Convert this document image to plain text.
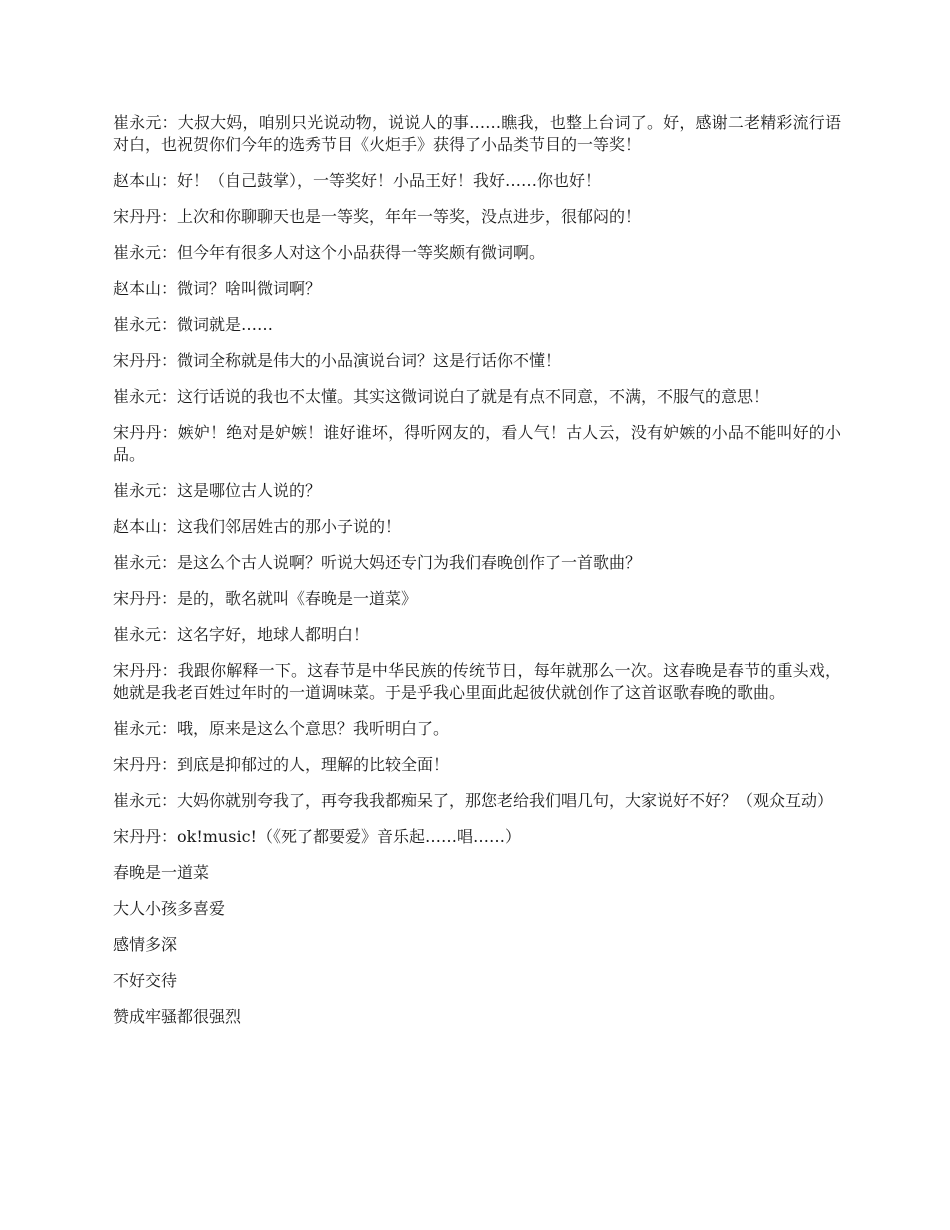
崔永元：大叔大妈，咱别只光说动物，说说人的事……瞧我，也整上台词了。好，感谢二老精彩流行语对白，也祝贺你们今年的选秀节目《火炬手》获得了小品类节目的一等奖！

赵本山：好！（自己鼓掌），一等奖好！小品王好！我好……你也好！

宋丹丹：上次和你聊聊天也是一等奖，年年一等奖，没点进步，很郁闷的！

崔永元：但今年有很多人对这个小品获得一等奖颇有微词啊。

赵本山：微词？啥叫微词啊？

崔永元：微词就是……

宋丹丹：微词全称就是伟大的小品演说台词？这是行话你不懂！

崔永元：这行话说的我也不太懂。其实这微词说白了就是有点不同意，不满，不服气的意思！

宋丹丹：嫉妒！绝对是妒嫉！谁好谁坏，得听网友的，看人气！古人云，没有妒嫉的小品不能叫好的小品。

崔永元：这是哪位古人说的？

赵本山：这我们邻居姓古的那小子说的！

崔永元：是这么个古人说啊？听说大妈还专门为我们春晚创作了一首歌曲？

宋丹丹：是的，歌名就叫《春晚是一道菜》

崔永元：这名字好，地球人都明白！

宋丹丹：我跟你解释一下。这春节是中华民族的传统节日，每年就那么一次。这春晚是春节的重头戏，她就是我老百姓过年时的一道调味菜。于是乎我心里面此起彼伏就创作了这首讴歌春晚的歌曲。

崔永元：哦，原来是这么个意思？我听明白了。

宋丹丹：到底是抑郁过的人，理解的比较全面！

崔永元：大妈你就别夸我了，再夸我我都痴呆了，那您老给我们唱几句，大家说好不好？（观众互动）

宋丹丹：ok!music!（《死了都要爱》音乐起……唱……）

春晚是一道菜

大人小孩多喜爱

感情多深

不好交待

赞成牢骚都很强烈
